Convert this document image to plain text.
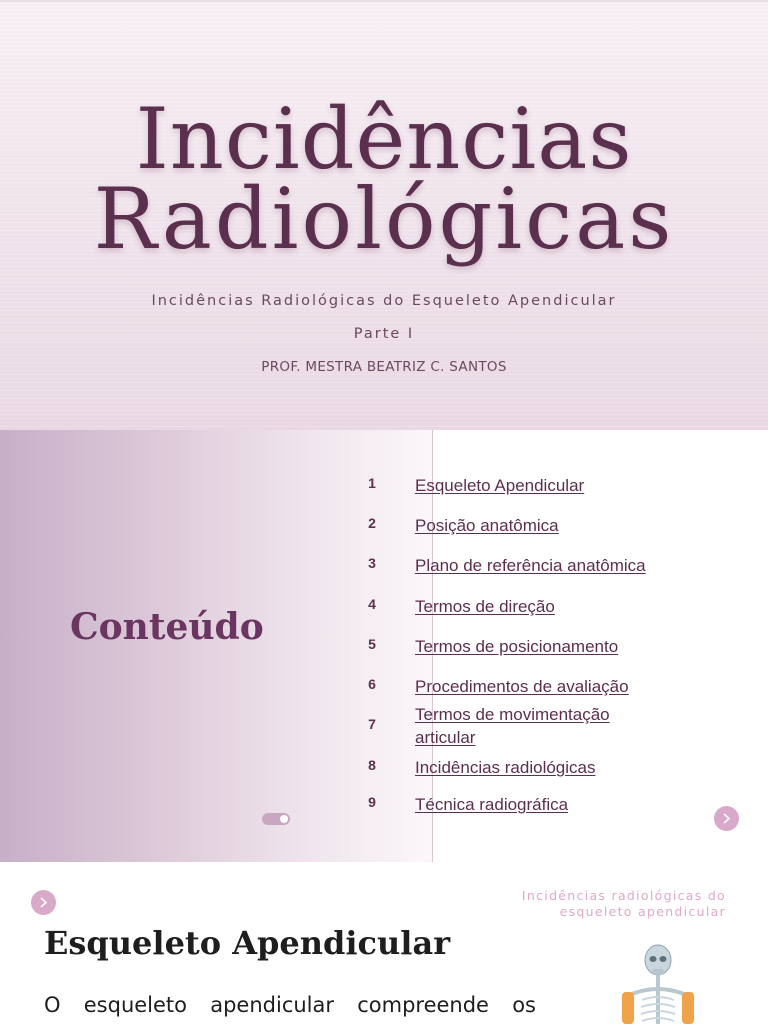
Incidências
Radiológicas
Incidências Radiológicas do Esqueleto Apendicular
Parte I
PROF. MESTRA BEATRIZ C. SANTOS
Conteúdo
1	Esqueleto Apendicular
2	Posição anatômica
3	Plano de referência anatômica
4	Termos de direção
5	Termos de posicionamento
6	Procedimentos de avaliação
7	Termos de movimentação articular
8	Incidências radiológicas
9	Técnica radiográfica
Incidências radiológicas do esqueleto apendicular
Esqueleto Apendicular

O esqueleto apendicular compreende os
